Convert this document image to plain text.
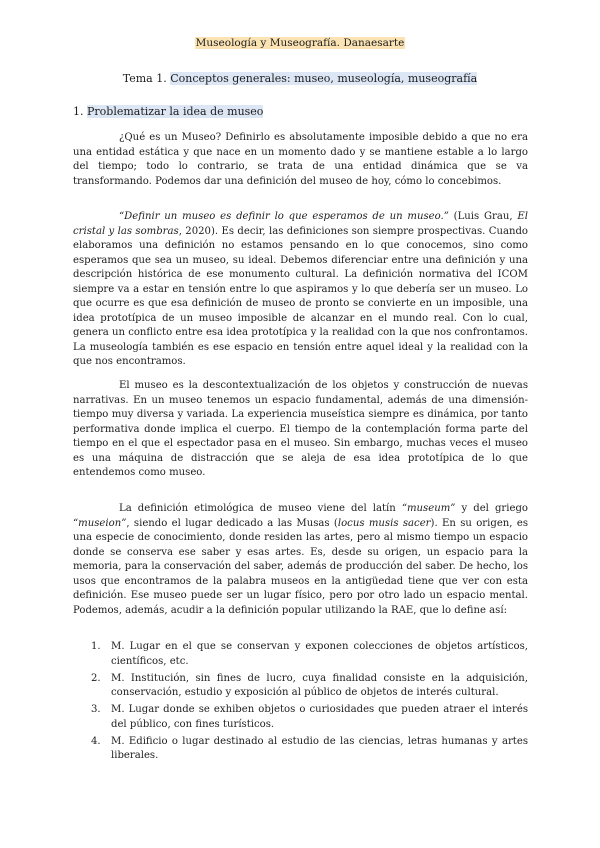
Museología y Museografía. Danaesarte
Tema 1. Conceptos generales: museo, museología, museografía
1. Problematizar la idea de museo

¿Qué es un Museo? Definirlo es absolutamente imposible debido a que no era una entidad estática y que nace en un momento dado y se mantiene estable a lo largo del tiempo; todo lo contrario, se trata de una entidad dinámica que se va transformando. Podemos dar una definición del museo de hoy, cómo lo concebimos.

“Definir un museo es definir lo que esperamos de un museo.” (Luis Grau, El cristal y las sombras, 2020). Es decir, las definiciones son siempre prospectivas. Cuando elaboramos una definición no estamos pensando en lo que conocemos, sino como esperamos que sea un museo, su ideal. Debemos diferenciar entre una definición y una descripción histórica de ese monumento cultural. La definición normativa del ICOM siempre va a estar en tensión entre lo que aspiramos y lo que debería ser un museo. Lo que ocurre es que esa definición de museo de pronto se convierte en un imposible, una idea prototípica de un museo imposible de alcanzar en el mundo real. Con lo cual, genera un conflicto entre esa idea prototípica y la realidad con la que nos confrontamos. La museología también es ese espacio en tensión entre aquel ideal y la realidad con la que nos encontramos.

El museo es la descontextualización de los objetos y construcción de nuevas narrativas. En un museo tenemos un espacio fundamental, además de una dimensión-tiempo muy diversa y variada. La experiencia museística siempre es dinámica, por tanto performativa donde implica el cuerpo. El tiempo de la contemplación forma parte del tiempo en el que el espectador pasa en el museo. Sin embargo, muchas veces el museo es una máquina de distracción que se aleja de esa idea prototípica de lo que entendemos como museo.

La definición etimológica de museo viene del latín “museum” y del griego “museion”, siendo el lugar dedicado a las Musas (locus musis sacer). En su origen, es una especie de conocimiento, donde residen las artes, pero al mismo tiempo un espacio donde se conserva ese saber y esas artes. Es, desde su origen, un espacio para la memoria, para la conservación del saber, además de producción del saber. De hecho, los usos que encontramos de la palabra museos en la antigüedad tiene que ver con esta definición. Ese museo puede ser un lugar físico, pero por otro lado un espacio mental. Podemos, además, acudir a la definición popular utilizando la RAE, que lo define así:

1. M. Lugar en el que se conservan y exponen colecciones de objetos artísticos, científicos, etc.
2. M. Institución, sin fines de lucro, cuya finalidad consiste en la adquisición, conservación, estudio y exposición al público de objetos de interés cultural.
3. M. Lugar donde se exhiben objetos o curiosidades que pueden atraer el interés del público, con fines turísticos.
4. M. Edificio o lugar destinado al estudio de las ciencias, letras humanas y artes liberales.
